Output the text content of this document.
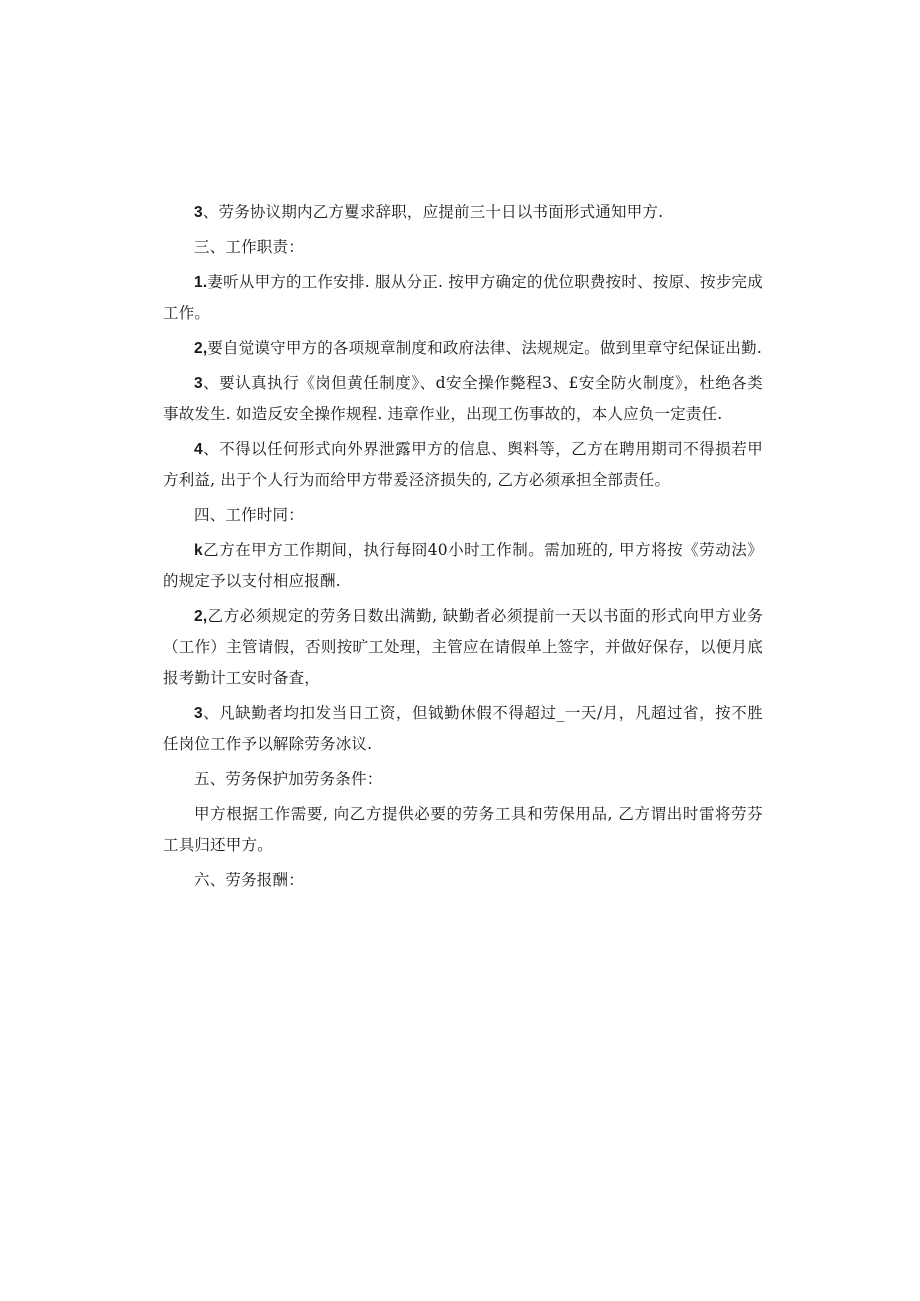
3、劳务协议期内乙方矍求辞职，应提前三十日以书面形式通知甲方.

三、工作职责：

1.妻听从甲方的工作安排. 服从分正. 按甲方确定的优位职费按时、按原、按步完成工作。

2,要自觉谟守甲方的各项规章制度和政府法律、法规规定。做到里章守纪保证出勤.

3、要认真执行《岗但黄任制度》、d安全操作斃程3、£安全防火制度》，杜绝各类事故发生. 如造反安全操作规程. 违章作业，出现工伤事故的，本人应负一定责任.

4、不得以任何形式向外界泄露甲方的信息、舆料等，乙方在聘用期司不得损若甲方利益, 出于个人行为而给甲方带爰泾济损失的, 乙方必须承担全部责任。

四、工作时同：

k乙方在甲方工作期间，执行每冏40小时工作制。需加班的, 甲方将按《劳动法》的规定予以支付相应报酬.

2,乙方必须规定的劳务日数出满勤, 缺勤者必须提前一天以书面的形式向甲方业务（工作）主管请假，否则按旷工处理，主管应在请假单上签字，并做好保存，以便月底报考勤计工安时备査，

3、凡缺勤者均扣发当日工资，但钺勤休假不得超过_一天/月，凡超过省，按不胜任岗位工作予以解除劳务冰议.

五、劳务保护加劳务条件：

甲方根据工作需要, 向乙方提供必要的劳务工具和劳保用品, 乙方谓出时雷将劳芬工具归还甲方。

六、劳务报酬：
